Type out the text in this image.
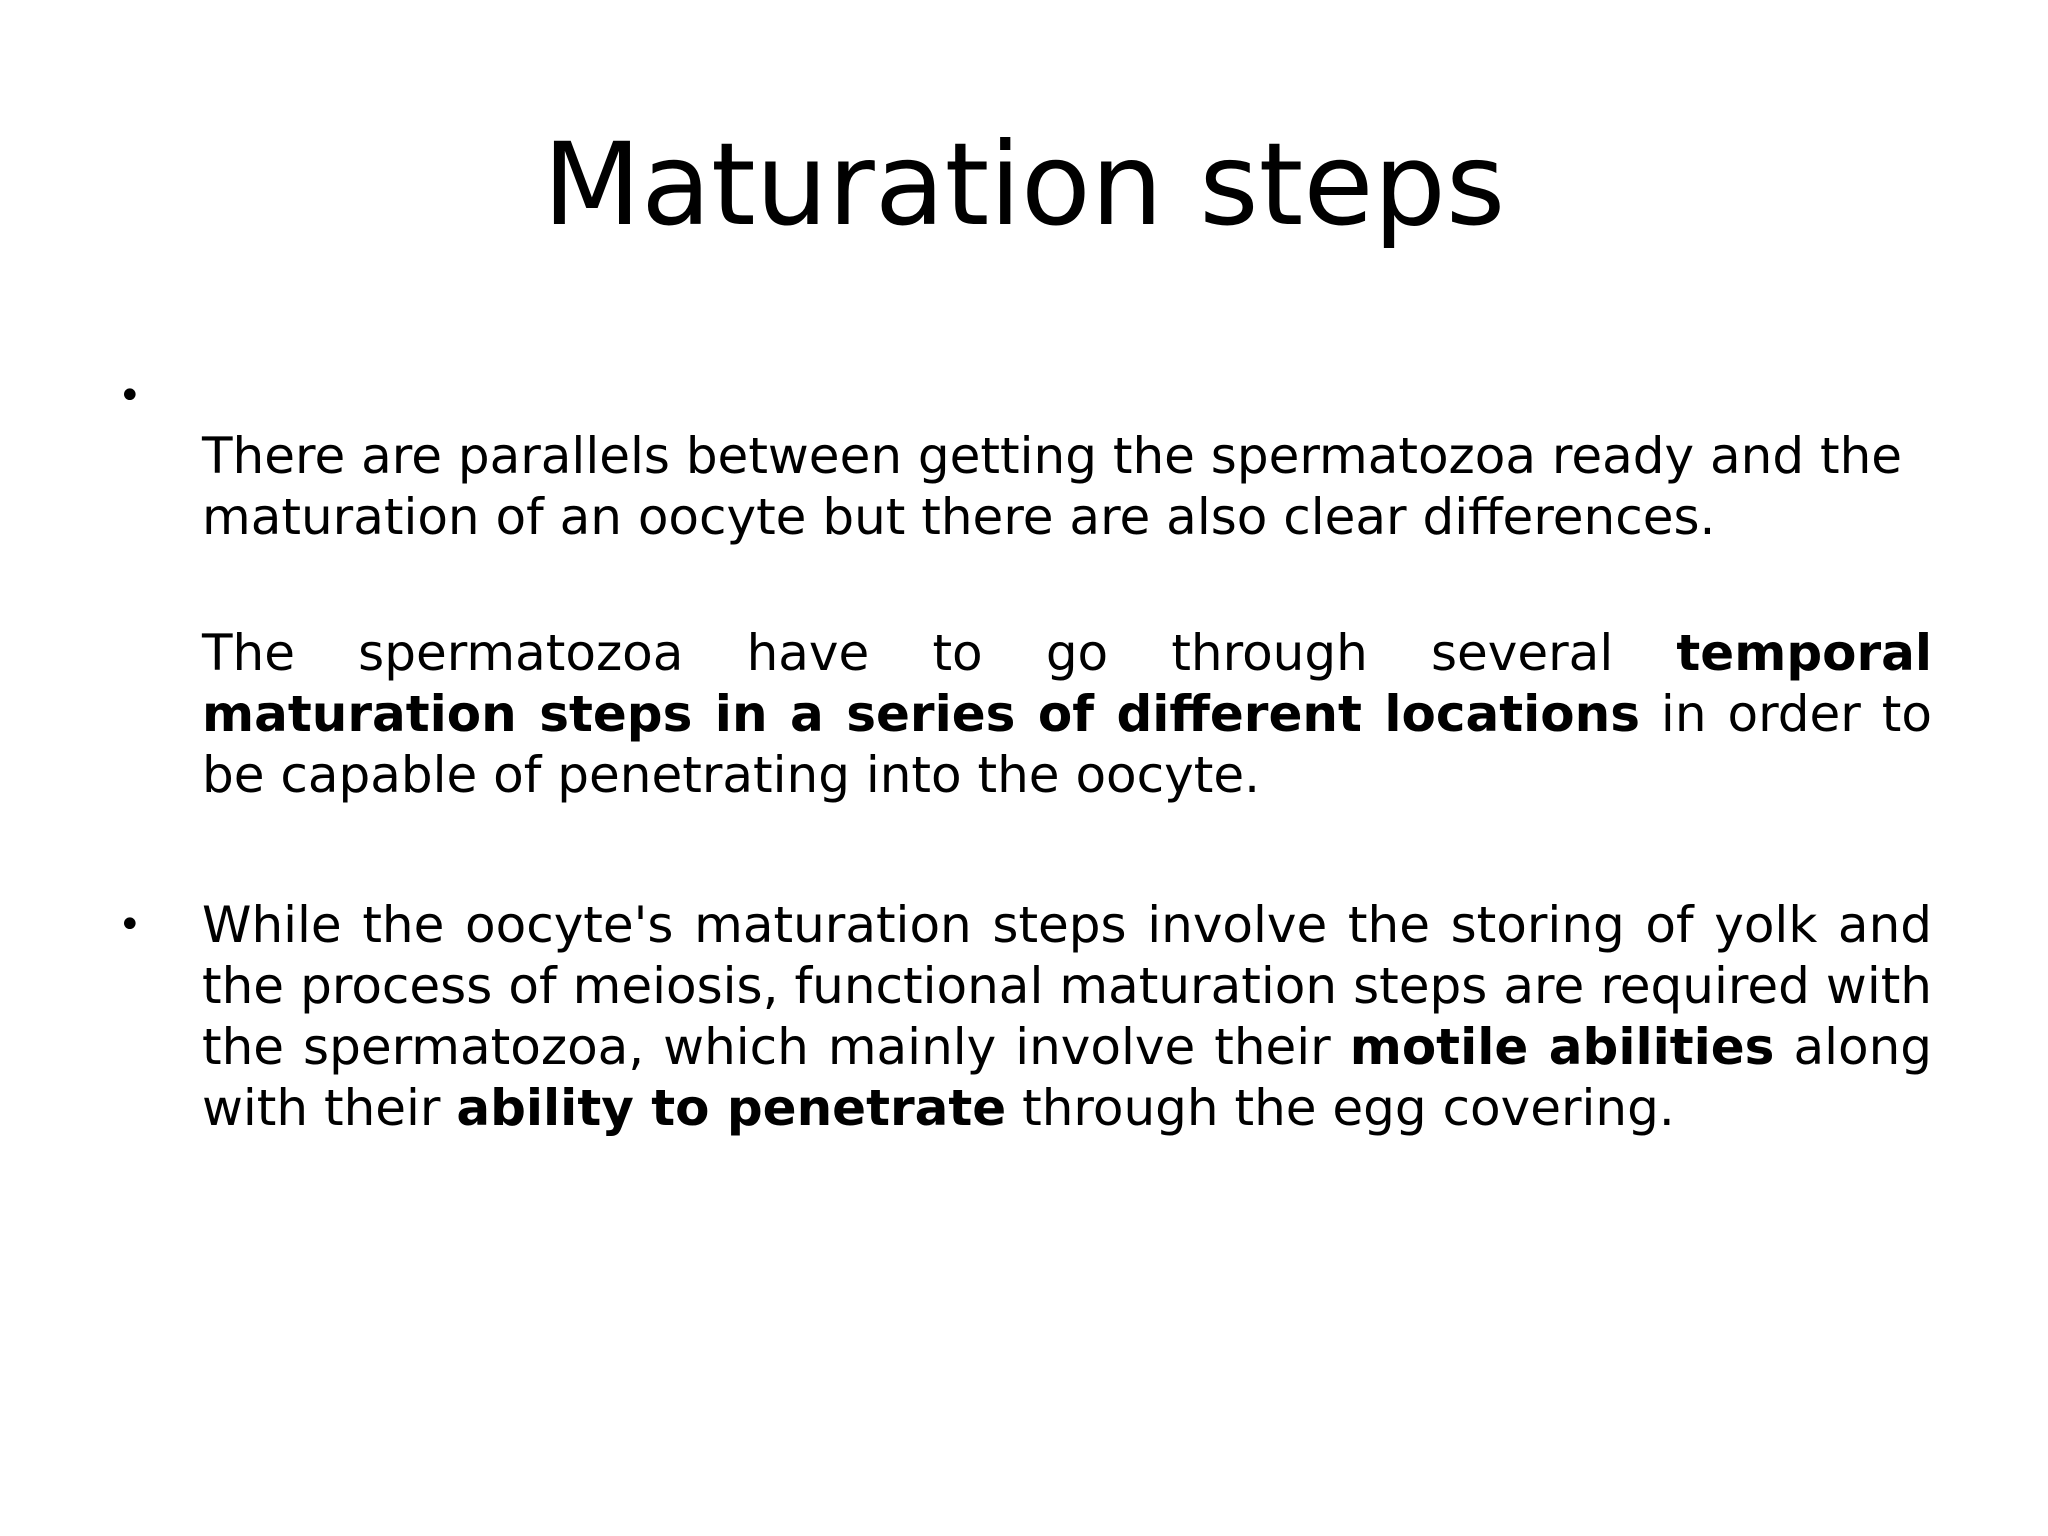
Maturation steps
•

There are parallels between getting the spermatozoa ready and the maturation of an oocyte but there are also clear differences.

The spermatozoa have to go through several temporal maturation steps in a series of different locations in order to be capable of penetrating into the oocyte.

• While the oocyte's maturation steps involve the storing of yolk and the process of meiosis, functional maturation steps are required with the spermatozoa, which mainly involve their motile abilities along with their ability to penetrate through the egg covering.
